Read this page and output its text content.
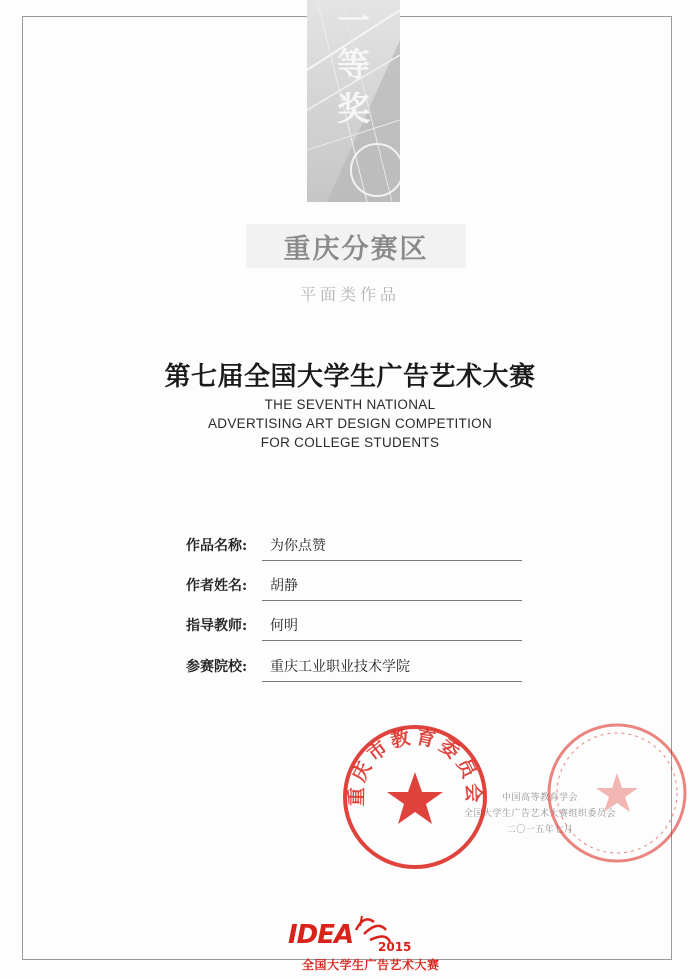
一
等
奖
重庆分赛区
平面类作品
第七届全国大学生广告艺术大赛
THE SEVENTH NATIONAL
ADVERTISING ART DESIGN COMPETITION
FOR COLLEGE STUDENTS
作品名称: 为你点赞
作者姓名: 胡静
指导教师: 何明
参赛院校: 重庆工业职业技术学院
中国高等教育学会
全国大学生广告艺术大赛组织委员会
二〇一五年七月
重庆市教育委员会
IDEA 2015
全国大学生广告艺术大赛
